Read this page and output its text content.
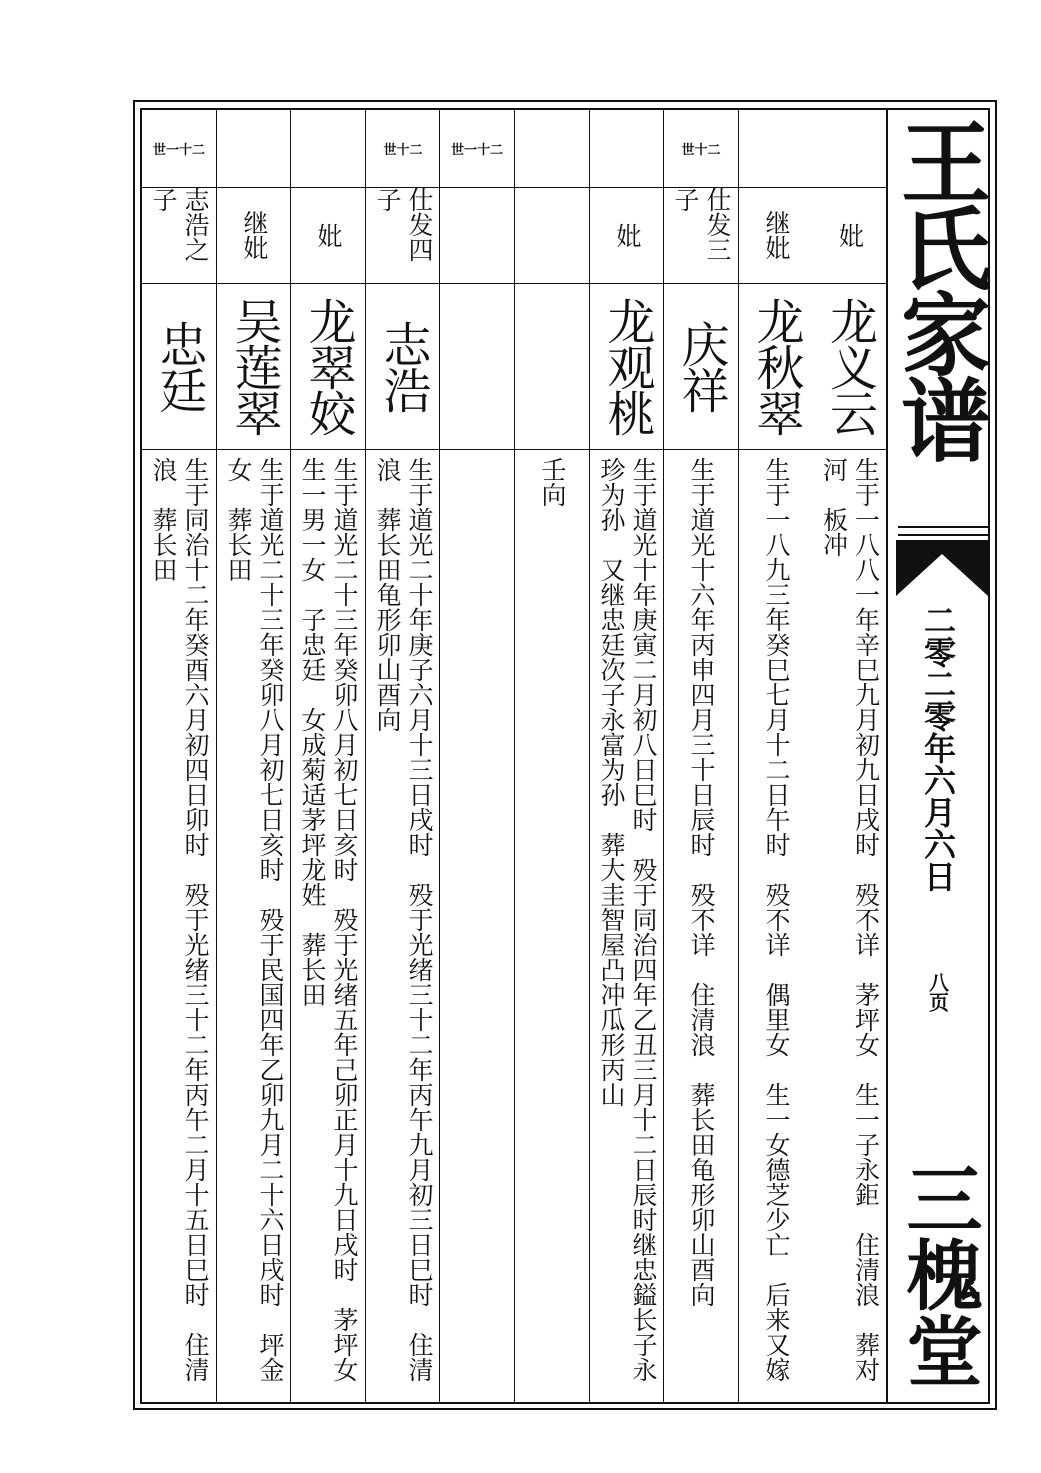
妣
龙义云
生于一八八一年辛巳九月初九日戌时　殁不详　茅坪女　生一子永鉅　住清浪　葬对河　板冲
继妣
龙秋翠
生于一八九三年癸巳七月十二日午时　殁不详　偶里女　生一女德芝少亡　后来又嫁
世十二
仕发三子
庆祥
生于道光十六年丙申四月三十日辰时　殁不详　住清浪　葬长田龟形卯山酉向
妣
龙观桃
生于道光十年庚寅二月初八日巳时　殁于同治四年乙丑三月十二日辰时继忠鎰长子永珍为孙　又继忠廷次子永富为孙　葬大圭智屋凸冲瓜形丙山
壬向
世一十二
世十二
仕发四子
志浩
生于道光二十年庚子六月十三日戌时　殁于光绪三十二年丙午九月初三日巳时　住清浪　葬长田龟形卯山酉向
妣
龙翠姣
生于道光二十三年癸卯八月初七日亥时　殁于光绪五年己卯正月十九日戌时　茅坪女　生一男一女　子忠廷　女成菊适茅坪龙姓　葬长田
继妣
吴莲翠
生于道光二十三年癸卯八月初七日亥时　殁于民国四年乙卯九月二十六日戌时　坪金女　葬长田
世一十二
志浩之子
忠廷
生于同治十二年癸酉六月初四日卯时　殁于光绪三十二年丙午二月十五日巳时　住清浪　葬长田
王氏家谱
二零二零年六月六日
八页
三槐堂
